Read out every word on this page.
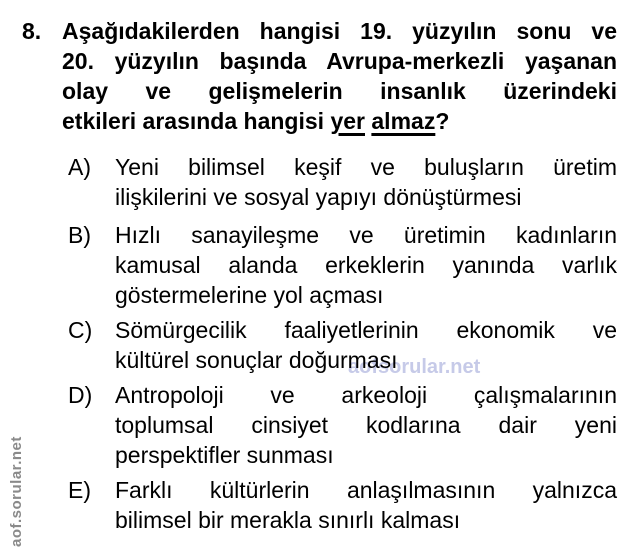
aofsorular.net
aof.sorular.net
8. Aşağıdakilerden hangisi 19. yüzyılın sonu ve
20. yüzyılın başında Avrupa-merkezli yaşanan
olay ve gelişmelerin insanlık üzerindeki
etkileri arasında hangisi yer almaz?
A) Yeni bilimsel keşif ve buluşların üretim
ilişkilerini ve sosyal yapıyı dönüştürmesi
B) Hızlı sanayileşme ve üretimin kadınların
kamusal alanda erkeklerin yanında varlık
göstermelerine yol açması
C) Sömürgecilik faaliyetlerinin ekonomik ve
kültürel sonuçlar doğurması
D) Antropoloji ve arkeoloji çalışmalarının
toplumsal cinsiyet kodlarına dair yeni
perspektifler sunması
E) Farklı kültürlerin anlaşılmasının yalnızca
bilimsel bir merakla sınırlı kalması
